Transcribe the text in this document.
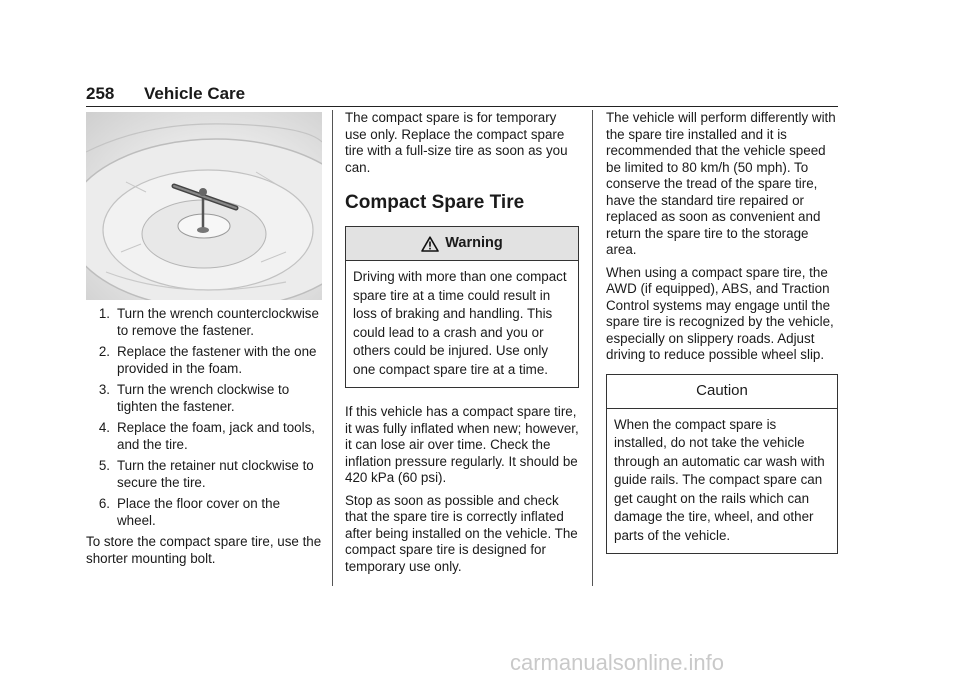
258 Vehicle Care
1. Turn the wrench counterclockwise to remove the fastener.
2. Replace the fastener with the one provided in the foam.
3. Turn the wrench clockwise to tighten the fastener.
4. Replace the foam, jack and tools, and the tire.
5. Turn the retainer nut clockwise to secure the tire.
6. Place the floor cover on the wheel.

To store the compact spare tire, use the shorter mounting bolt.

The compact spare is for temporary use only. Replace the compact spare tire with a full-size tire as soon as you can.

Compact Spare Tire
Warning
Driving with more than one compact spare tire at a time could result in loss of braking and handling. This could lead to a crash and you or others could be injured. Use only one compact spare tire at a time.

If this vehicle has a compact spare tire, it was fully inflated when new; however, it can lose air over time. Check the inflation pressure regularly. It should be 420 kPa (60 psi).

Stop as soon as possible and check that the spare tire is correctly inflated after being installed on the vehicle. The compact spare tire is designed for temporary use only.

The vehicle will perform differently with the spare tire installed and it is recommended that the vehicle speed be limited to 80 km/h (50 mph). To conserve the tread of the spare tire, have the standard tire repaired or replaced as soon as convenient and return the spare tire to the storage area.

When using a compact spare tire, the AWD (if equipped), ABS, and Traction Control systems may engage until the spare tire is recognized by the vehicle, especially on slippery roads. Adjust driving to reduce possible wheel slip.

Caution
When the compact spare is installed, do not take the vehicle through an automatic car wash with guide rails. The compact spare can get caught on the rails which can damage the tire, wheel, and other parts of the vehicle.
carmanualsonline.info
